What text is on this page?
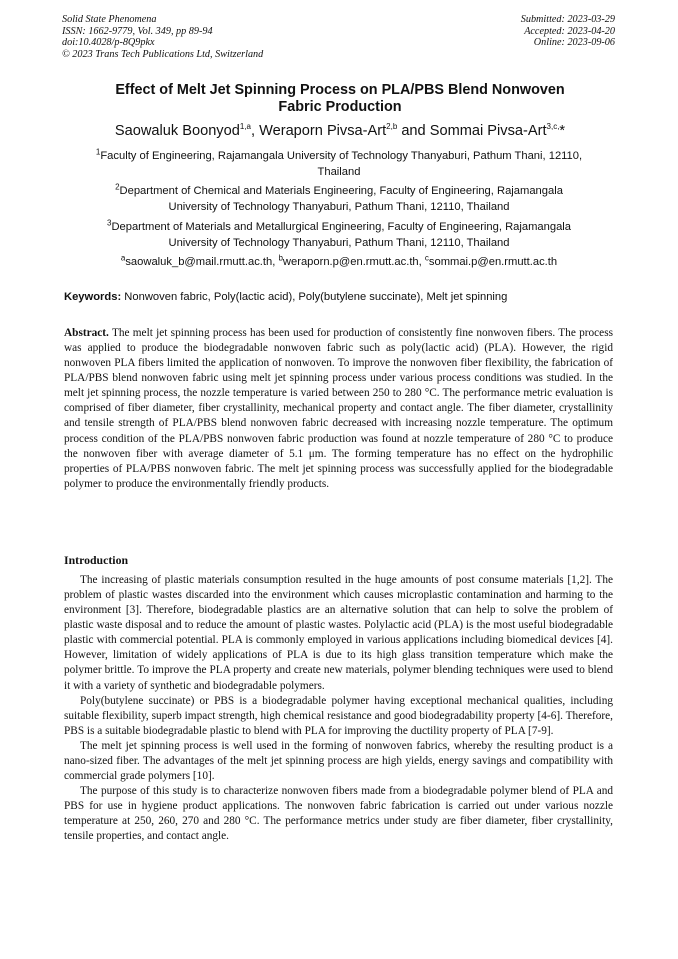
Solid State Phenomena
ISSN: 1662-9779, Vol. 349, pp 89-94
doi:10.4028/p-8Q9pkx
© 2023 Trans Tech Publications Ltd, Switzerland
Submitted: 2023-03-29
Accepted: 2023-04-20
Online: 2023-09-06
Effect of Melt Jet Spinning Process on PLA/PBS Blend Nonwoven
Fabric Production
Saowaluk Boonyod$^{1,a}$, Weraporn Pivsa-Art$^{2,b}$ and Sommai Pivsa-Art$^{3,c,}$*
$^1$Faculty of Engineering, Rajamangala University of Technology Thanyaburi, Pathum Thani, 12110,
Thailand
$^2$Department of Chemical and Materials Engineering, Faculty of Engineering, Rajamangala
University of Technology Thanyaburi, Pathum Thani, 12110, Thailand
$^3$Department of Materials and Metallurgical Engineering, Faculty of Engineering, Rajamangala
University of Technology Thanyaburi, Pathum Thani, 12110, Thailand
$^a$saowaluk_b@mail.rmutt.ac.th, $^b$weraporn.p@en.rmutt.ac.th, $^c$sommai.p@en.rmutt.ac.th
Keywords: Nonwoven fabric, Poly(lactic acid), Poly(butylene succinate), Melt jet spinning
Abstract. The melt jet spinning process has been used for production of consistently fine nonwoven fibers. The process was applied to produce the biodegradable nonwoven fabric such as poly(lactic acid) (PLA). However, the rigid nonwoven PLA fibers limited the application of nonwoven. To improve the nonwoven fiber flexibility, the fabrication of PLA/PBS blend nonwoven fabric using melt jet spinning process under various process conditions was studied. In the melt jet spinning process, the nozzle temperature is varied between 250 to 280 °C. The performance metric evaluation is comprised of fiber diameter, fiber crystallinity, mechanical property and contact angle. The fiber diameter, crystallinity and tensile strength of PLA/PBS blend nonwoven fabric decreased with increasing nozzle temperature. The optimum process condition of the PLA/PBS nonwoven fabric production was found at nozzle temperature of 280 °C to produce the nonwoven fiber with average diameter of 5.1 μm. The forming temperature has no effect on the hydrophilic properties of PLA/PBS nonwoven fabric. The melt jet spinning process was successfully applied for the biodegradable polymer to produce the environmentally friendly products.
Introduction

The increasing of plastic materials consumption resulted in the huge amounts of post consume materials [1,2]. The problem of plastic wastes discarded into the environment which causes microplastic contamination and harming to the environment [3]. Therefore, biodegradable plastics are an alternative solution that can help to solve the problem of plastic waste disposal and to reduce the amount of plastic wastes. Polylactic acid (PLA) is the most useful biodegradable plastic with commercial potential. PLA is commonly employed in various applications including biomedical devices [4]. However, limitation of widely applications of PLA is due to its high glass transition temperature which make the polymer brittle. To improve the PLA property and create new materials, polymer blending techniques were used to blend it with a variety of synthetic and biodegradable polymers.

Poly(butylene succinate) or PBS is a biodegradable polymer having exceptional mechanical qualities, including suitable flexibility, superb impact strength, high chemical resistance and good biodegradability property [4-6]. Therefore, PBS is a suitable biodegradable plastic to blend with PLA for improving the ductility property of PLA [7-9].

The melt jet spinning process is well used in the forming of nonwoven fabrics, whereby the resulting product is a nano-sized fiber. The advantages of the melt jet spinning process are high yields, energy savings and compatibility with commercial grade polymers [10].

The purpose of this study is to characterize nonwoven fibers made from a biodegradable polymer blend of PLA and PBS for use in hygiene product applications. The nonwoven fabric fabrication is carried out under various nozzle temperature at 250, 260, 270 and 280 °C. The performance metrics under study are fiber diameter, fiber crystallinity, tensile properties, and contact angle.
